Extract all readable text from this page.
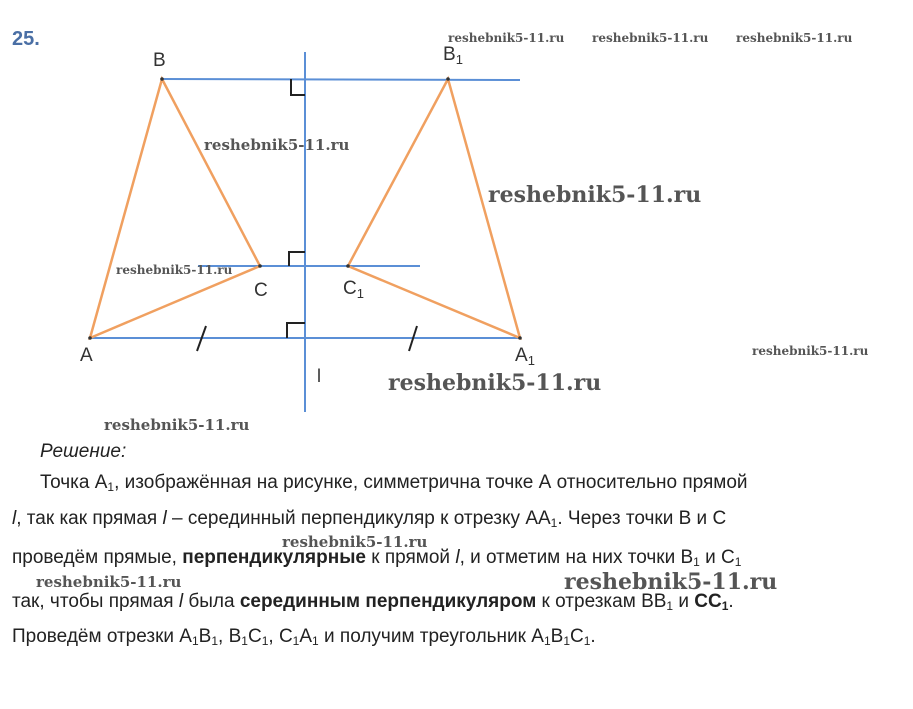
25.
B
C
A
$B_1$
$C_1$
$A_1$
l
reshebnik5-11.ru reshebnik5-11.ru reshebnik5-11.ru
reshebnik5-11.ru
reshebnik5-11.ru
reshebnik5-11.ru
reshebnik5-11.ru
reshebnik5-11.ru
reshebnik5-11.ru
reshebnik5-11.ru
reshebnik5-11.ru	reshebnik5-11.ru
Решение:
Точка $А_1$, изображённая на рисунке, симметрична точке А относительно прямой
l, так как прямая l – серединный перпендикуляр к отрезку $АА_1$. Через точки В и С
проведём прямые, перпендикулярные к прямой l, и отметим на них точки $В_1$ и $С_1$
так, чтобы прямая l была серединным перпендикуляром к отрезкам $ВВ_1$ и $СС_1$.
Проведём отрезки $А_1В_1$, $В_1С_1$, $С_1А_1$ и получим треугольник $А_1В_1С_1$.
